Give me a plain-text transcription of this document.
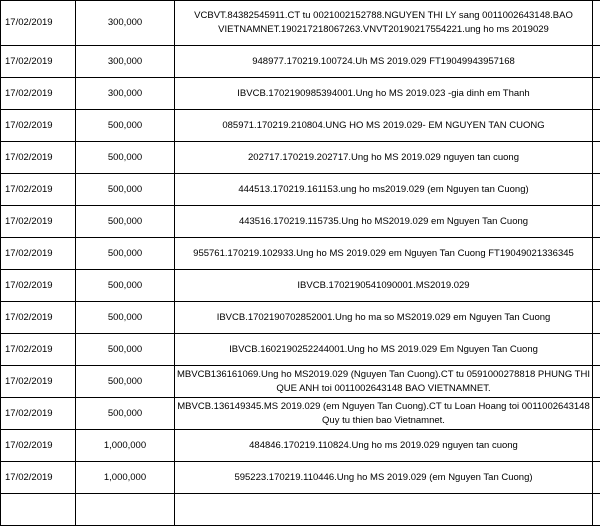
17/02/2019	300,000	VCBVT.84382545911.CT tu 0021002152788.NGUYEN THI LY sang 0011002643148.BAO VIETNAMNET.190217218067263.VNVT20190217554221.ung ho ms 2019029	
17/02/2019	300,000	948977.170219.100724.Uh MS 2019.029 FT19049943957168	
17/02/2019	300,000	IBVCB.1702190985394001.Ung ho MS 2019.023 -gia dinh em Thanh	
17/02/2019	500,000	085971.170219.210804.UNG HO MS 2019.029- EM NGUYEN TAN CUONG	
17/02/2019	500,000	202717.170219.202717.Ung ho MS 2019.029 nguyen tan cuong	
17/02/2019	500,000	444513.170219.161153.ung ho ms2019.029 (em Nguyen tan Cuong)	
17/02/2019	500,000	443516.170219.115735.Ung ho MS2019.029 em Nguyen Tan Cuong	
17/02/2019	500,000	955761.170219.102933.Ung ho MS 2019.029 em Nguyen Tan Cuong FT19049021336345	
17/02/2019	500,000	IBVCB.1702190541090001.MS2019.029	
17/02/2019	500,000	IBVCB.1702190702852001.Ung ho ma so MS2019.029 em Nguyen Tan Cuong	
17/02/2019	500,000	IBVCB.1602190252244001.Ung ho MS 2019.029 Em Nguyen Tan Cuong	
17/02/2019	500,000	MBVCB136161069.Ung ho MS2019.029 (Nguyen Tan Cuong).CT tu 0591000278818 PHUNG THI QUE ANH toi 0011002643148 BAO VIETNAMNET.	
17/02/2019	500,000	MBVCB.136149345.MS 2019.029 (em Nguyen Tan Cuong).CT tu Loan Hoang toi 0011002643148 Quy tu thien bao Vietnamnet.	
17/02/2019	1,000,000	484846.170219.110824.Ung ho ms 2019.029 nguyen tan cuong	
17/02/2019	1,000,000	595223.170219.110446.Ung ho MS 2019.029 (em Nguyen Tan Cuong)	
